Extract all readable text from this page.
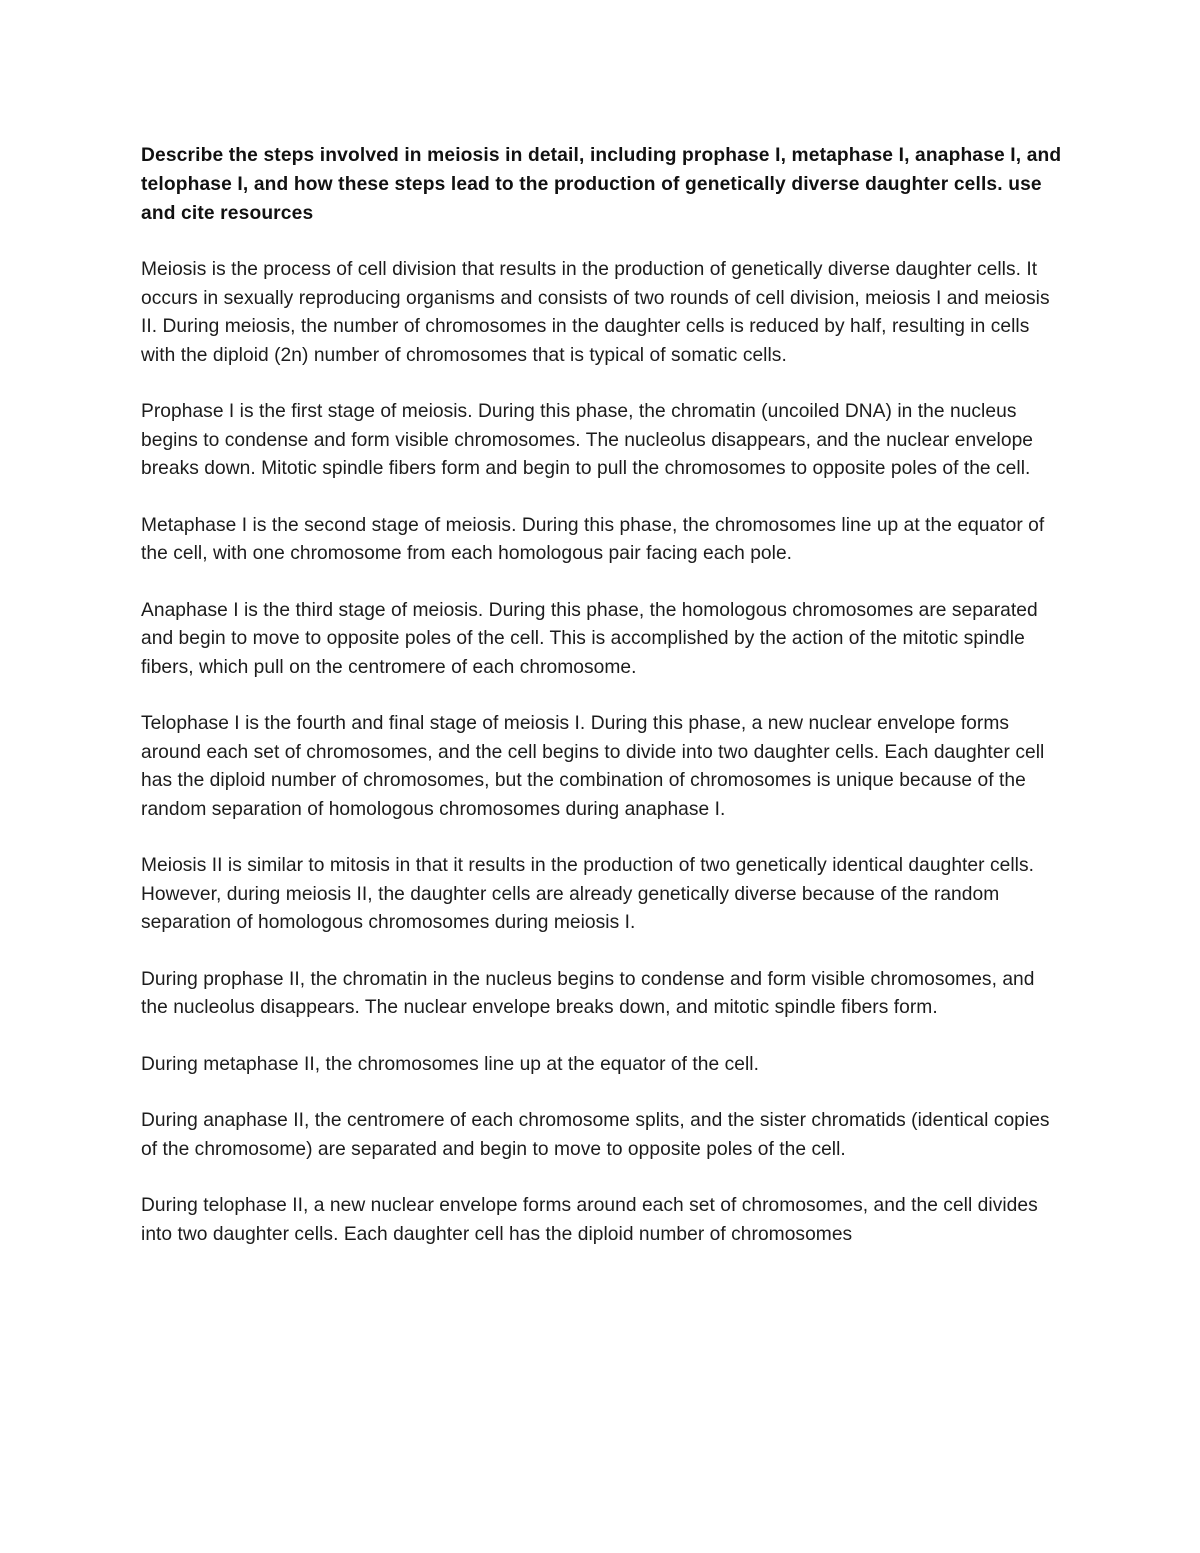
Describe the steps involved in meiosis in detail, including prophase I, metaphase I, anaphase I, and telophase I, and how these steps lead to the production of genetically diverse daughter cells. use and cite resources

Meiosis is the process of cell division that results in the production of genetically diverse daughter cells. It occurs in sexually reproducing organisms and consists of two rounds of cell division, meiosis I and meiosis II. During meiosis, the number of chromosomes in the daughter cells is reduced by half, resulting in cells with the diploid (2n) number of chromosomes that is typical of somatic cells.

Prophase I is the first stage of meiosis. During this phase, the chromatin (uncoiled DNA) in the nucleus begins to condense and form visible chromosomes. The nucleolus disappears, and the nuclear envelope breaks down. Mitotic spindle fibers form and begin to pull the chromosomes to opposite poles of the cell.

Metaphase I is the second stage of meiosis. During this phase, the chromosomes line up at the equator of the cell, with one chromosome from each homologous pair facing each pole.

Anaphase I is the third stage of meiosis. During this phase, the homologous chromosomes are separated and begin to move to opposite poles of the cell. This is accomplished by the action of the mitotic spindle fibers, which pull on the centromere of each chromosome.

Telophase I is the fourth and final stage of meiosis I. During this phase, a new nuclear envelope forms around each set of chromosomes, and the cell begins to divide into two daughter cells. Each daughter cell has the diploid number of chromosomes, but the combination of chromosomes is unique because of the random separation of homologous chromosomes during anaphase I.

Meiosis II is similar to mitosis in that it results in the production of two genetically identical daughter cells. However, during meiosis II, the daughter cells are already genetically diverse because of the random separation of homologous chromosomes during meiosis I.

During prophase II, the chromatin in the nucleus begins to condense and form visible chromosomes, and the nucleolus disappears. The nuclear envelope breaks down, and mitotic spindle fibers form.

During metaphase II, the chromosomes line up at the equator of the cell.

During anaphase II, the centromere of each chromosome splits, and the sister chromatids (identical copies of the chromosome) are separated and begin to move to opposite poles of the cell.

During telophase II, a new nuclear envelope forms around each set of chromosomes, and the cell divides into two daughter cells. Each daughter cell has the diploid number of chromosomes
